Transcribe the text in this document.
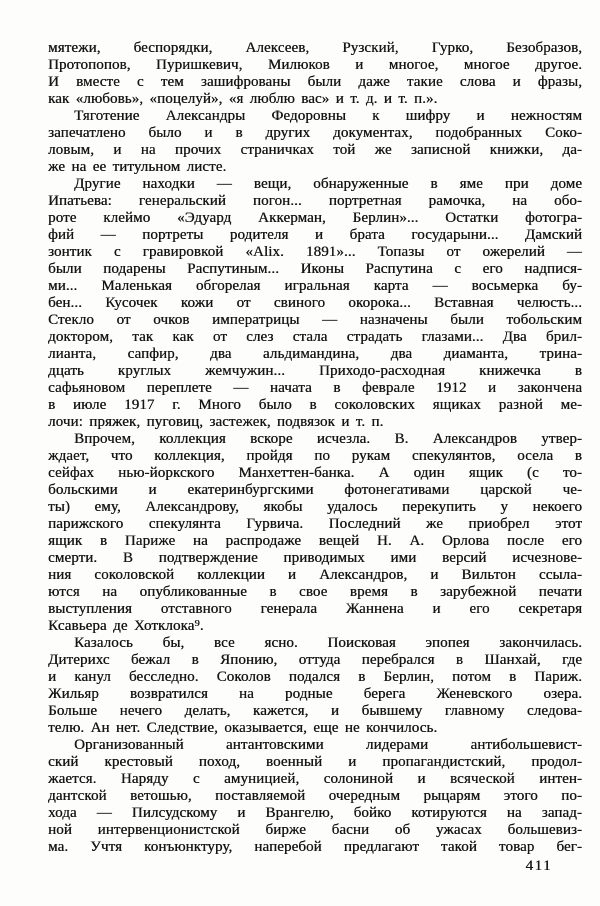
мятежи, беспорядки, Алексеев, Рузский, Гурко, Безобразов,
Протопопов, Пуришкевич, Милюков и многое, многое другое.
И вместе с тем зашифрованы были даже такие слова и фразы,
как «любовь», «поцелуй», «я люблю вас» и т. д. и т. п.».
Тяготение Александры Федоровны к шифру и нежностям
запечатлено было и в других документах, подобранных Соко-
ловым, и на прочих страничках той же записной книжки, да-
же на ее титульном листе.
Другие находки — вещи, обнаруженные в яме при доме
Ипатьева: генеральский погон... портретная рамочка, на обо-
роте клеймо «Эдуард Аккерман, Берлин»... Остатки фотогра-
фий — портреты родителя и брата государыни... Дамский
зонтик с гравировкой «Alix. 1891»... Топазы от ожерелий —
были подарены Распутиным... Иконы Распутина с его надпися-
ми... Маленькая обгорелая игральная карта — восьмерка бу-
бен... Кусочек кожи от свиного окорока... Вставная челюсть...
Стекло от очков императрицы — назначены были тобольским
доктором, так как от слез стала страдать глазами... Два брил-
лианта, сапфир, два альдимандина, два диаманта, трина-
дцать круглых жемчужин... Приходо-расходная книжечка в
сафьяновом переплете — начата в феврале 1912 и закончена
в июле 1917 г. Много было в соколовских ящиках разной ме-
лочи: пряжек, пуговиц, застежек, подвязок и т. п.
Впрочем, коллекция вскоре исчезла. В. Александров утвер-
ждает, что коллекция, пройдя по рукам спекулянтов, осела в
сейфах нью-йоркского Манхеттен-банка. А один ящик (с то-
больскими и екатеринбургскими фотонегативами царской че-
ты) ему, Александрову, якобы удалось перекупить у некоего
парижского спекулянта Гурвича. Последний же приобрел этот
ящик в Париже на распродаже вещей Н. А. Орлова после его
смерти. В подтверждение приводимых ими версий исчезнове-
ния соколовской коллекции и Александров, и Вильтон ссыла-
ются на опубликованные в свое время в зарубежной печати
выступления отставного генерала Жаннена и его секретаря
Ксавьера де Хотклока⁹.
Казалось бы, все ясно. Поисковая эпопея закончилась.
Дитерихс бежал в Японию, оттуда перебрался в Шанхай, где
и канул бесследно. Соколов подался в Берлин, потом в Париж.
Жильяр возвратился на родные берега Женевского озера.
Больше нечего делать, кажется, и бывшему главному следова-
телю. Ан нет. Следствие, оказывается, еще не кончилось.
Организованный антантовскими лидерами антибольшевист-
ский крестовый поход, военный и пропагандистский, продол-
жается. Наряду с амуницией, солониной и всяческой интен-
дантской ветошью, поставляемой очередным рыцарям этого по-
хода — Пилсудскому и Врангелю, бойко котируются на запад-
ной интервенционистской бирже басни об ужасах большевиз-
ма. Учтя конъюнктуру, наперебой предлагают такой товар бег-
411
